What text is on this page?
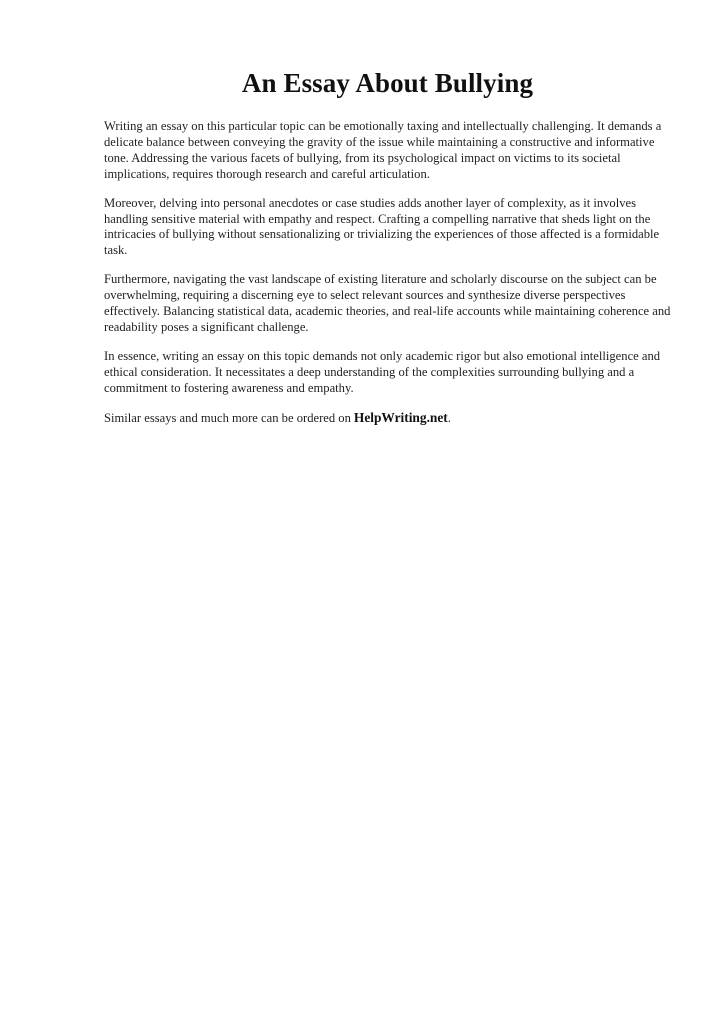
An Essay About Bullying

Writing an essay on this particular topic can be emotionally taxing and intellectually challenging. It demands a delicate balance between conveying the gravity of the issue while maintaining a constructive and informative tone. Addressing the various facets of bullying, from its psychological impact on victims to its societal implications, requires thorough research and careful articulation.

Moreover, delving into personal anecdotes or case studies adds another layer of complexity, as it involves handling sensitive material with empathy and respect. Crafting a compelling narrative that sheds light on the intricacies of bullying without sensationalizing or trivializing the experiences of those affected is a formidable task.

Furthermore, navigating the vast landscape of existing literature and scholarly discourse on the subject can be overwhelming, requiring a discerning eye to select relevant sources and synthesize diverse perspectives effectively. Balancing statistical data, academic theories, and real-life accounts while maintaining coherence and readability poses a significant challenge.

In essence, writing an essay on this topic demands not only academic rigor but also emotional intelligence and ethical consideration. It necessitates a deep understanding of the complexities surrounding bullying and a commitment to fostering awareness and empathy.

Similar essays and much more can be ordered on HelpWriting.net.
